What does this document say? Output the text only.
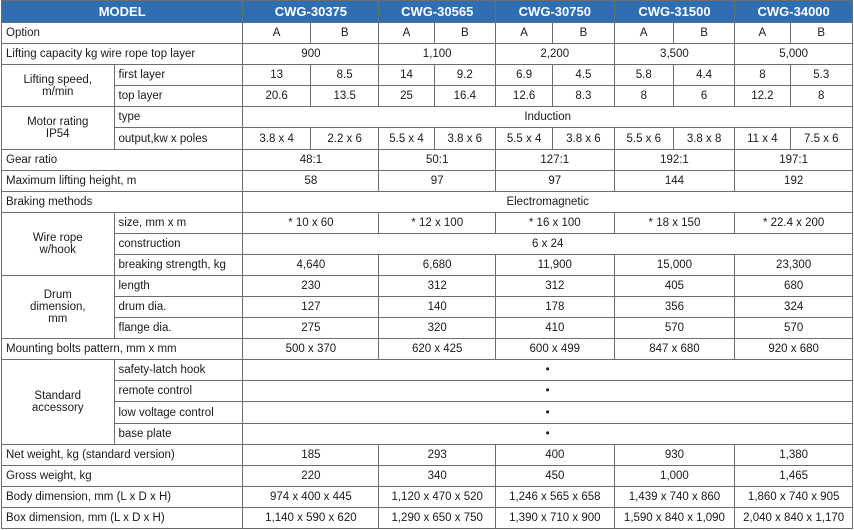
MODEL		CWG-30375		CWG-30565		CWG-30750		CWG-31500		CWG-34000	
Option		A	B	A	B	A	B	A	B	A	B
Lifting capacity kg wire rope top layer		900		1,100		2,200		3,500		5,000	
Lifting speed,
m/min	first layer	13	8.5	14	9.2	6.9	4.5	5.8	4.4	8	5.3
	top layer	20.6	13.5	25	16.4	12.6	8.3	8	6	12.2	8
Motor rating
IP54	type	Induction									
	output,kw x poles	3.8 x 4	2.2 x 6	5.5 x 4	3.8 x 6	5.5 x 4	3.8 x 6	5.5 x 6	3.8 x 8	11 x 4	7.5 x 6
Gear ratio		48:1		50:1		127:1		192:1		197:1	
Maximum lifting height, m		58		97		97		144		192	
Braking methods		Electromagnetic									
Wire rope
w/hook	size, mm x m	* 10 x 60		* 12 x 100		* 16 x 100		* 18 x 150		* 22.4 x 200	
	construction	6 x 24									
	breaking strength, kg	4,640		6,680		11,900		15,000		23,300	
Drum
dimension,
mm	length	230		312		312		405		680	
	drum dia.	127		140		178		356		324	
	flange dia.	275		320		410		570		570	
Mounting bolts pattern, mm x mm		500 x 370		620 x 425		600 x 499		847 x 680		920 x 680	
Standard
accessory	safety-latch hook	•									
	remote control	•									
	low voltage control	•									
	base plate	•									
Net weight, kg (standard version)		185		293		400		930		1,380	
Gross weight, kg		220		340		450		1,000		1,465	
Body dimension, mm (L x D x H)		974 x 400 x 445		1,120 x 470 x 520		1,246 x 565 x 658		1,439 x 740 x 860		1,860 x 740 x 905	
Box dimension, mm (L x D x H)		1,140 x 590 x 620		1,290 x 650 x 750		1,390 x 710 x 900		1,590 x 840 x 1,090		2,040 x 840 x 1,170	
